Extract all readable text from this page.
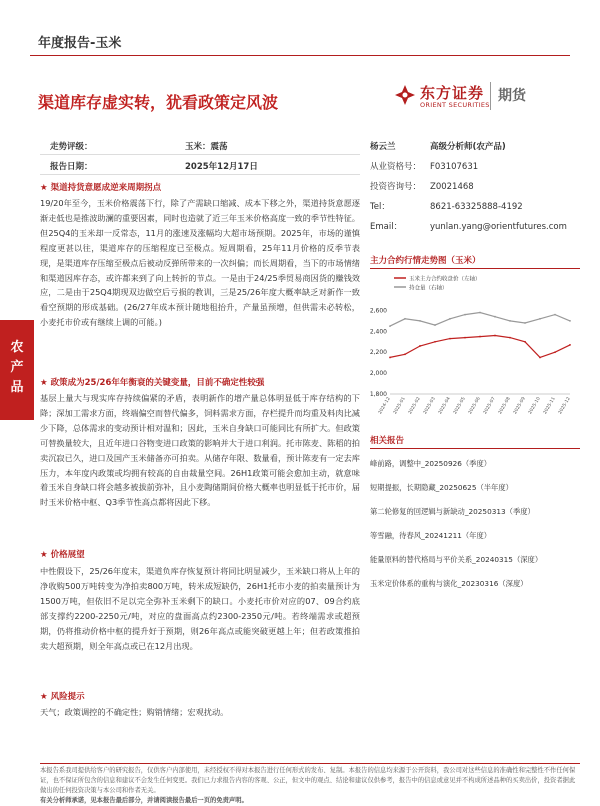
年度报告-玉米
渠道库存虚实转，犹看政策定风波	东方证券
ORIENT SECURITIES
期货
农产品
走势评级：	玉米：震荡
报告日期：	2025年12月17日
★ 渠道持货意愿成逆来周期拐点
19/20年至今，玉米价格震荡下行，除了产需缺口缩减、成本下移之外，渠道持货意愿逐渐走低也是推波助澜的重要因素，同时也造就了近三年玉米价格高度一致的季节性特征。但25Q4的玉米却一反常态，11月的涨速及涨幅均大超市场预期。2025年，市场的谨慎程度更甚以往，渠道库存的压缩程度已至极点。短周期看，25年11月价格的反季节表现，是渠道库存压缩至极点后被动反弹所带来的一次纠偏；而长周期看，当下的市场情绪和渠道因库存态，或许都来到了向上转折的节点。一是由于24/25季贸易商因货的赚钱效应，二是由于25Q4期现双边做空后亏损的教训，三是25/26年度大概率缺乏对新作一致看空预期的形成基础。(26/27年成本预计随地租抬升，产量虽预增，但供需未必转松，小麦托市价或有继续上调的可能。)
★ 政策成为25/26年年衡衰的关键变量，目前不确定性较强
基层上量大与现实库存持续偏紧的矛盾，表明新作的增产量总体明显低于库存结构的下降；深加工需求方面，终端偏空而替代偏多，饲料需求方面，存栏提升而均重及料肉比减少下降，总体需求的变动预计相对温和；因此，玉米自身缺口可能同比有所扩大。但政策可替换量较大，且近年进口谷物变进口政策的影响并大于进口利润。托市陈麦、陈稻的拍卖沉寂已久，进口及国产玉米储备亦可拍卖。从储存年限、数量看，预计陈麦有一定去库压力，本年度内政策或均拥有较高的自由裁量空间。26H1政策可能会愈加主动，就意味着玉米自身缺口将会越多被拔前弥补，且小麦陶储期间价格大概率也明显低于托市价，届时玉米价格中枢、Q3季节性高点都将因此下移。
★ 价格展望
中性假设下，25/26年度末，渠道负库存恢复预计将同比明显减少，玉米缺口将从上年的净收购500万吨转变为净拍卖800万吨，转米成短缺仍，26H1托市小麦的拍卖量预计为1500万吨，但依旧不足以完全弥补玉米剩下的缺口。小麦托市价对应的07、09合约底部支撑约2200-2250元/吨，对应的盘面高点约2300-2350元/吨。若终端需求或超预期，仍将推动价格中枢的提升好于预期，则26年高点或能突破更越上年；但若政策推拍卖大超预期，则全年高点或已在12月出现。
★ 风险提示
天气；政策调控的不确定性；购销情绪；宏观扰动。
杨云兰	高级分析师(农产品)
从业资格号： F03107631
投资咨询号： Z0021468
Tel：	8621-63325888-4192
Email：	yunlan.yang@orientfutures.com
主力合约行情走势图（玉米）
玉米主力合约收盘价（左轴）
持仓量（右轴）
2,600
2,400
2,200
2,000
1,800
2024-12 2025-01 2025-02 2025-03 2025-04 2025-05 2025-06 2025-07 2025-08 2025-09 2025-10 2025-11 2025-12
相关报告
峰前路，调整中_20250926（季度）
短期提振，长期隐藏_20250625（半年度）
第二轮修复的回逻辑与新缺动_20250313（季度）
等雪融，待春风_20241211（年度）
能量原料的替代格局与平价关系_20240315（深度）
玉米定价体系的重构与演化_20230316（深度）
本报告系我司提供给客户的研究报告，仅供客户内部使用，未经授权不得对本报告进行任何形式的发布、复制。本报告的信息均来源于公开资料，我公司对这些信息的准确性和完整性不作任何保证，也不保证所包含的信息和建议不会发生任何变更。我们已力求报告内容的客观、公正，但文中的观点、结论和建议仅供参考，报告中的信息或意见并不构成所述品种的买卖出价，投资者据此做出的任何投资决策与本公司和作者无关。
有关分析师承诺，见本报告最后部分，并请阅读报告最后一页的免责声明。
